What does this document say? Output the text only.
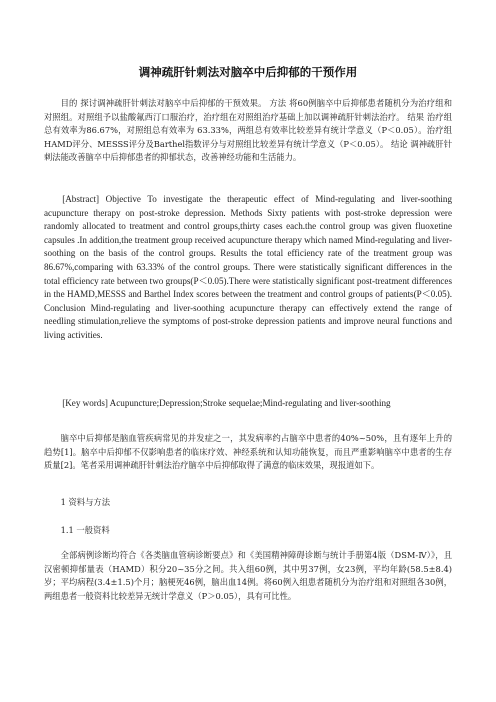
调神疏肝针刺法对脑卒中后抑郁的干预作用
目的 探讨调神疏肝针刺法对脑卒中后抑郁的干预效果。 方法 将60例脑卒中后抑郁患者随机分为治疗组和对照组。对照组予以盐酸氟西汀口服治疗，治疗组在对照组治疗基础上加以调神疏肝针刺法治疗。 结果 治疗组总有效率为86.67%，对照组总有效率为 63.33%，两组总有效率比较差异有统计学意义（P＜0.05）。治疗组HAMD评分、MESSS评分及Barthel指数评分与对照组比较差异有统计学意义（P＜0.05）。 结论 调神疏肝针刺法能改善脑卒中后抑郁患者的抑郁状态，改善神经功能和生活能力。
[Abstract] Objective To investigate the therapeutic effect of Mind-regulating and liver-soothing acupuncture therapy on post-stroke depression. Methods Sixty patients with post-stroke depression were randomly allocated to treatment and control groups,thirty cases each.the control group was given fluoxetine capsules .In addition,the treatment group received acupuncture therapy which named Mind-regulating and liver-soothing on the basis of the control groups. Results the total efficiency rate of the treatment group was 86.67%,comparing with 63.33% of the control groups. There were statistically significant differences in the total efficiency rate between two groups(P＜0.05).There were statistically significant post-treatment differences in the HAMD,MESSS and Barthel Index scores between the treatment and control groups of patients(P＜0.05). Conclusion Mind-regulating and liver-soothing acupuncture therapy can effectively extend the range of needling stimulation,relieve the symptoms of post-stroke depression patients and improve neural functions and living activities.
[Key words] Acupuncture;Depression;Stroke sequelae;Mind-regulating and liver-soothing
脑卒中后抑郁是脑血管疾病常见的并发症之一，其发病率约占脑卒中患者的40%~50%，且有逐年上升的趋势[1]。脑卒中后抑郁不仅影响患者的临床疗效、神经系统和认知功能恢复，而且严重影响脑卒中患者的生存质量[2]。笔者采用调神疏肝针刺法治疗脑卒中后抑郁取得了满意的临床效果，现报道如下。
1 资料与方法
1.1 一般资料
全部病例诊断均符合《各类脑血管病诊断要点》和《美国精神障碍诊断与统计手册第4版（DSM-Ⅳ）》，且汉密顿抑郁量表（HAMD）积分20~35分之间。共入组60例，其中男37例，女23例，平均年龄(58.5±8.4)岁；平均病程(3.4±1.5)个月；脑梗死46例，脑出血14例。将60例入组患者随机分为治疗组和对照组各30例，两组患者一般资料比较差异无统计学意义（P＞0.05），具有可比性。
